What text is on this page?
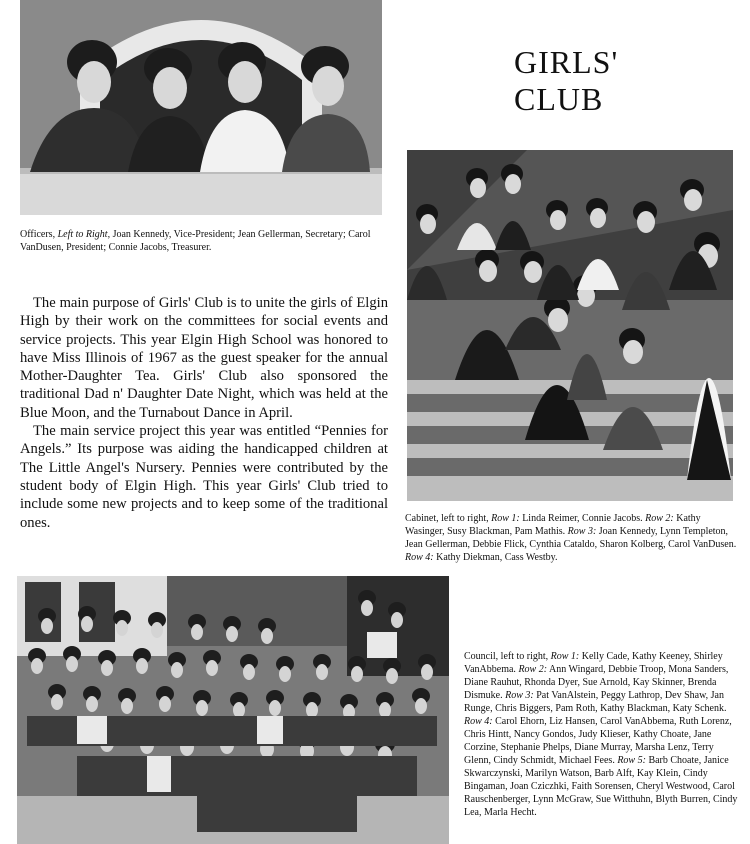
Officers, Left to Right, Joan Kennedy, Vice-President; Jean Gellerman, Secretary; Carol VanDusen, President; Connie Jacobs, Treasurer.
GIRLS'
CLUB

The main purpose of Girls' Club is to unite the girls of Elgin High by their work on the committees for social events and service projects. This year Elgin High School was honored to have Miss Illinois of 1967 as the guest speaker for the annual Mother-Daughter Tea. Girls' Club also sponsored the traditional Dad n' Daughter Date Night, which was held at the Blue Moon, and the Turnabout Dance in April.

The main service project this year was entitled “Pennies for Angels.” Its purpose was aiding the handicapped children at The Little Angel's Nursery. Pennies were contributed by the student body of Elgin High. This year Girls' Club tried to include some new projects and to keep some of the traditional ones.	Cabinet, left to right, Row 1: Linda Reimer, Connie Jacobs. Row 2: Kathy Wasinger, Susy Blackman, Pam Mathis. Row 3: Joan Kennedy, Lynn Templeton, Jean Gellerman, Debbie Flick, Cynthia Cataldo, Sharon Kolberg, Carol VanDusen. Row 4: Kathy Diekman, Cass Westby.
Council, left to right, Row 1: Kelly Cade, Kathy Keeney, Shirley VanAbbema. Row 2: Ann Wingard, Debbie Troop, Mona Sanders, Diane Rauhut, Rhonda Dyer, Sue Arnold, Kay Skinner, Brenda Dismuke. Row 3: Pat VanAlstein, Peggy Lathrop, Dev Shaw, Jan Runge, Chris Biggers, Pam Roth, Kathy Blackman, Katy Schenk. Row 4: Carol Ehorn, Liz Hansen, Carol VanAbbema, Ruth Lorenz, Chris Hintt, Nancy Gondos, Judy Klieser, Kathy Choate, Jane Corzine, Stephanie Phelps, Diane Murray, Marsha Lenz, Terry Glenn, Cindy Schmidt, Michael Fees. Row 5: Barb Choate, Janice Skwarczynski, Marilyn Watson, Barb Alft, Kay Klein, Cindy Bingaman, Joan Cziczhki, Faith Sorensen, Cheryl Westwood, Carol Rauschenberger, Lynn McGraw, Sue Witthuhn, Blyth Burren, Cindy Lea, Marla Hecht.
